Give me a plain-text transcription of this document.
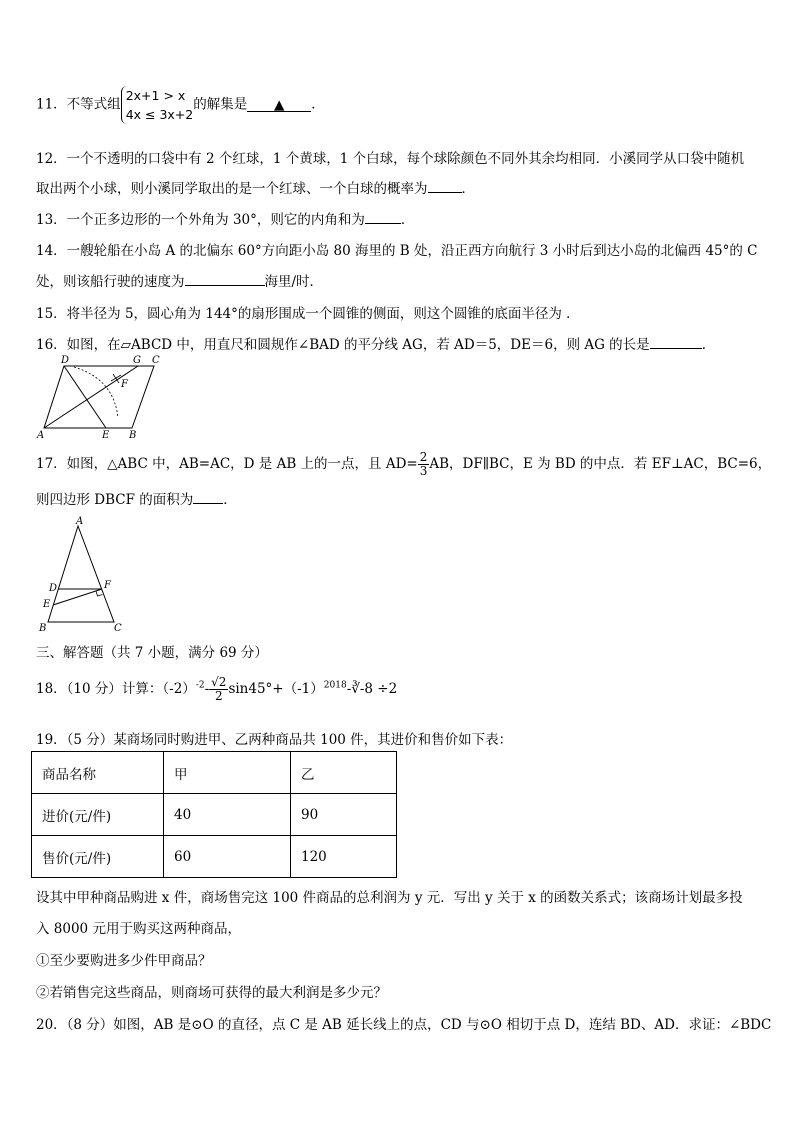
11．不等式组
2x+1 > x
4x ≤ 3x+2
的解集是 ▲ ．
12．一个不透明的口袋中有 2 个红球，1 个黄球，1 个白球，每个球除颜色不同外其余均相同．小溪同学从口袋中随机
取出两个小球，则小溪同学取出的是一个红球、一个白球的概率为	．
13．一个正多边形的一个外角为 30°，则它的内角和为	．
14．一艘轮船在小岛 A 的北偏东 60°方向距小岛 80 海里的 B 处，沿正西方向航行 3 小时后到达小岛的北偏西 45°的 C
处，则该船行驶的速度为	海里/时．
15．将半径为 5，圆心角为 144°的扇形围成一个圆锥的侧面，则这个圆锥的底面半径为 ．
16．如图，在▱ABCD 中，用直尺和圆规作∠BAD 的平分线 AG，若 AD＝5，DE＝6，则 AG 的长是	．
D	G C
F
A	E B
17．如图，△ABC 中，AB=AC，D 是 AB 上的一点，且 $AD= \frac{2}{3}$ AB，DF∥BC，E 为 BD 的中点．若 EF⊥AC，BC=6，
则四边形 DBCF 的面积为 ．
A
D	F
E
B	C
三、解答题（共 7 小题，满分 69 分）
18．（10 分）计算：$(-2)^{-2}- \frac{√2}{2}$ $\sin 45^\circ+(-1)^{2018}-∛-8 \div 2$
19．（5 分）某商场同时购进甲、乙两种商品共 100 件，其进价和售价如下表：
商品名称	甲	乙
进价(元/件)	40	90
售价(元/件)	60	120
设其中甲种商品购进 x 件，商场售完这 100 件商品的总利润为 y 元．写出 y 关于 x 的函数关系式；该商场计划最多投
入 8000 元用于购买这两种商品，
①至少要购进多少件甲商品？
②若销售完这些商品，则商场可获得的最大利润是多少元？
20．（8 分）如图，AB 是⊙O 的直径，点 C 是 AB 延长线上的点，CD 与⊙O 相切于点 D，连结 BD、AD．求证：∠BDC
